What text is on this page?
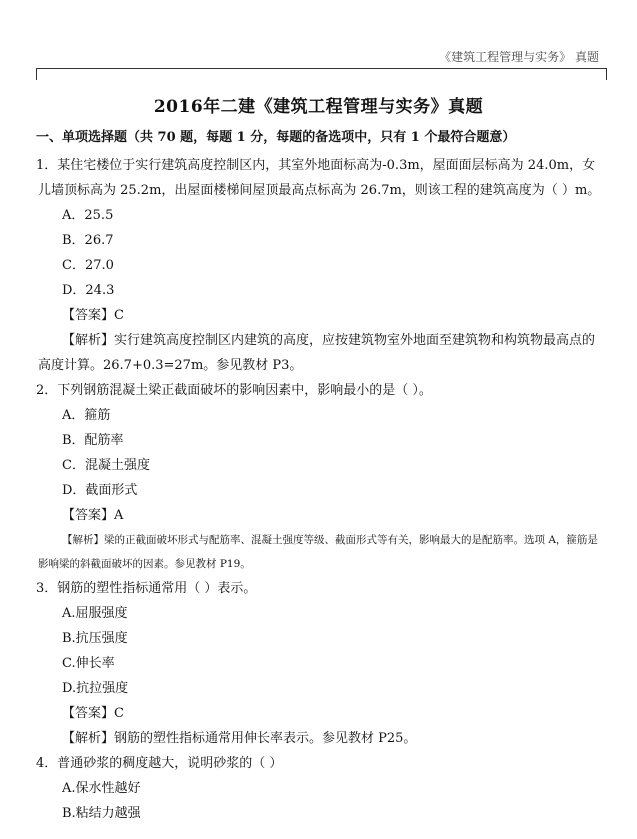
《建筑工程管理与实务》 真题
2016年二建《建筑工程管理与实务》真题
一、单项选择题（共 70 题，每题 1 分，每题的备选项中，只有 1 个最符合题意）
1．某住宅楼位于实行建筑高度控制区内，其室外地面标高为-0.3m，屋面面层标高为 24.0m，女儿墙顶标高为 25.2m，出屋面楼梯间屋顶最高点标高为 26.7m，则该工程的建筑高度为（ ）m。
A．25.5
B．26.7
C．27.0
D．24.3
【答案】C
【解析】实行建筑高度控制区内建筑的高度，应按建筑物室外地面至建筑物和构筑物最高点的高度计算。26.7+0.3=27m。参见教材 P3。
2．下列钢筋混凝土梁正截面破坏的影响因素中，影响最小的是（ ）。
A．箍筋
B．配筋率
C．混凝土强度
D．截面形式
【答案】A
【解析】梁的正截面破坏形式与配筋率、混凝土强度等级、截面形式等有关，影响最大的是配筋率。选项 A，箍筋是影响梁的斜截面破坏的因素。参见教材 P19。
3．钢筋的塑性指标通常用（ ）表示。
A.屈服强度
B.抗压强度
C.伸长率
D.抗拉强度
【答案】C
【解析】钢筋的塑性指标通常用伸长率表示。参见教材 P25。
4．普通砂浆的稠度越大，说明砂浆的（ ）
A.保水性越好
B.粘结力越强
